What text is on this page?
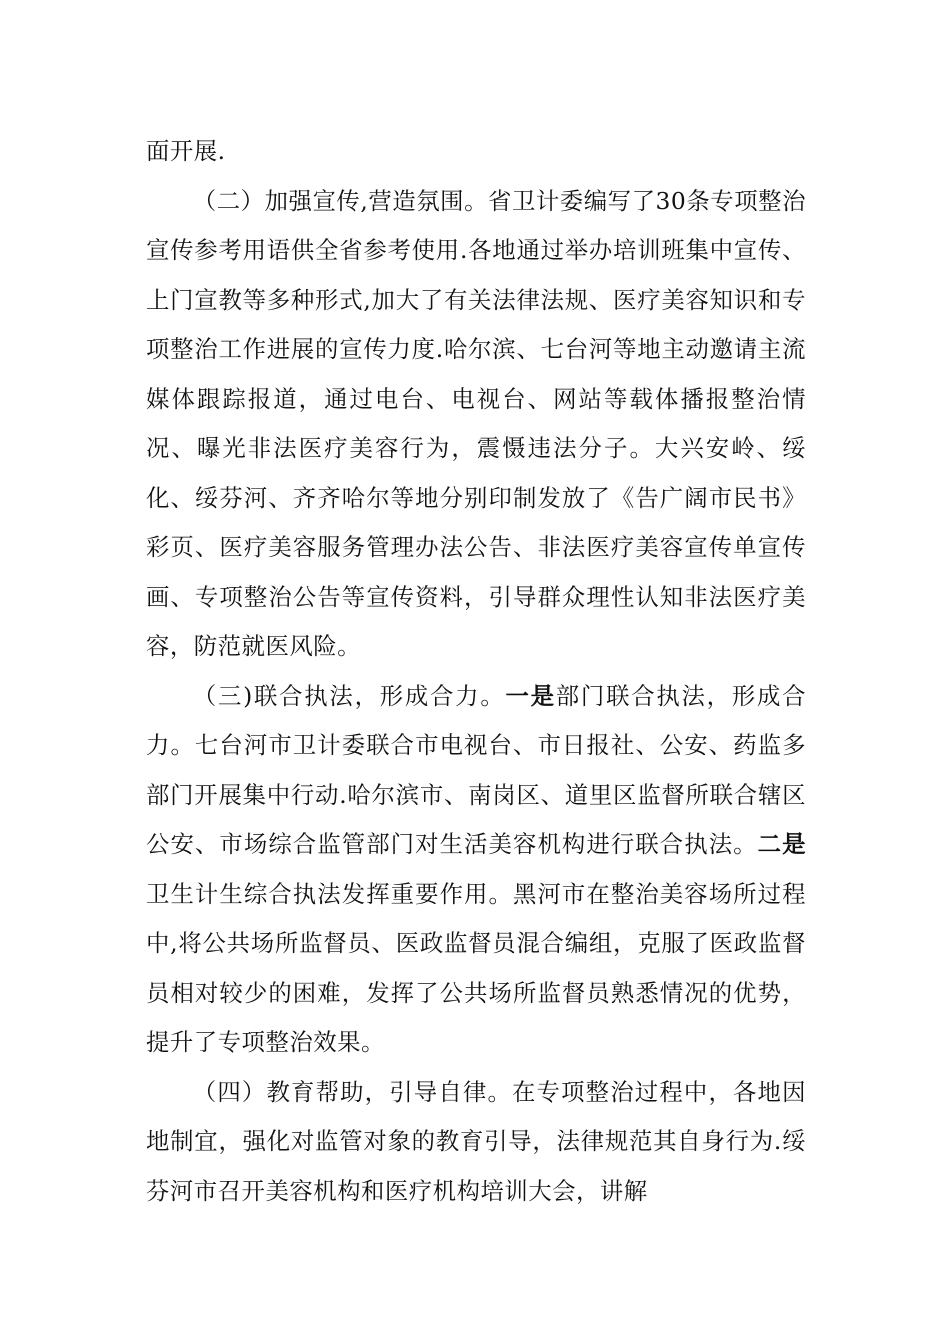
面开展.

（二）加强宣传,营造氛围。省卫计委编写了30条专项整治宣传参考用语供全省参考使用.各地通过举办培训班集中宣传、上门宣教等多种形式,加大了有关法律法规、医疗美容知识和专项整治工作进展的宣传力度.哈尔滨、七台河等地主动邀请主流媒体跟踪报道，通过电台、电视台、网站等载体播报整治情况、曝光非法医疗美容行为，震慑违法分子。大兴安岭、绥化、绥芬河、齐齐哈尔等地分别印制发放了《告广阔市民书》彩页、医疗美容服务管理办法公告、非法医疗美容宣传单宣传画、专项整治公告等宣传资料，引导群众理性认知非法医疗美容，防范就医风险。

（三)联合执法，形成合力。一是部门联合执法，形成合力。七台河市卫计委联合市电视台、市日报社、公安、药监多部门开展集中行动.哈尔滨市、南岗区、道里区监督所联合辖区公安、市场综合监管部门对生活美容机构进行联合执法。二是卫生计生综合执法发挥重要作用。黑河市在整治美容场所过程中,将公共场所监督员、医政监督员混合编组，克服了医政监督员相对较少的困难，发挥了公共场所监督员熟悉情况的优势，提升了专项整治效果。

（四）教育帮助，引导自律。在专项整治过程中，各地因地制宜，强化对监管对象的教育引导，法律规范其自身行为.绥芬河市召开美容机构和医疗机构培训大会，讲解
